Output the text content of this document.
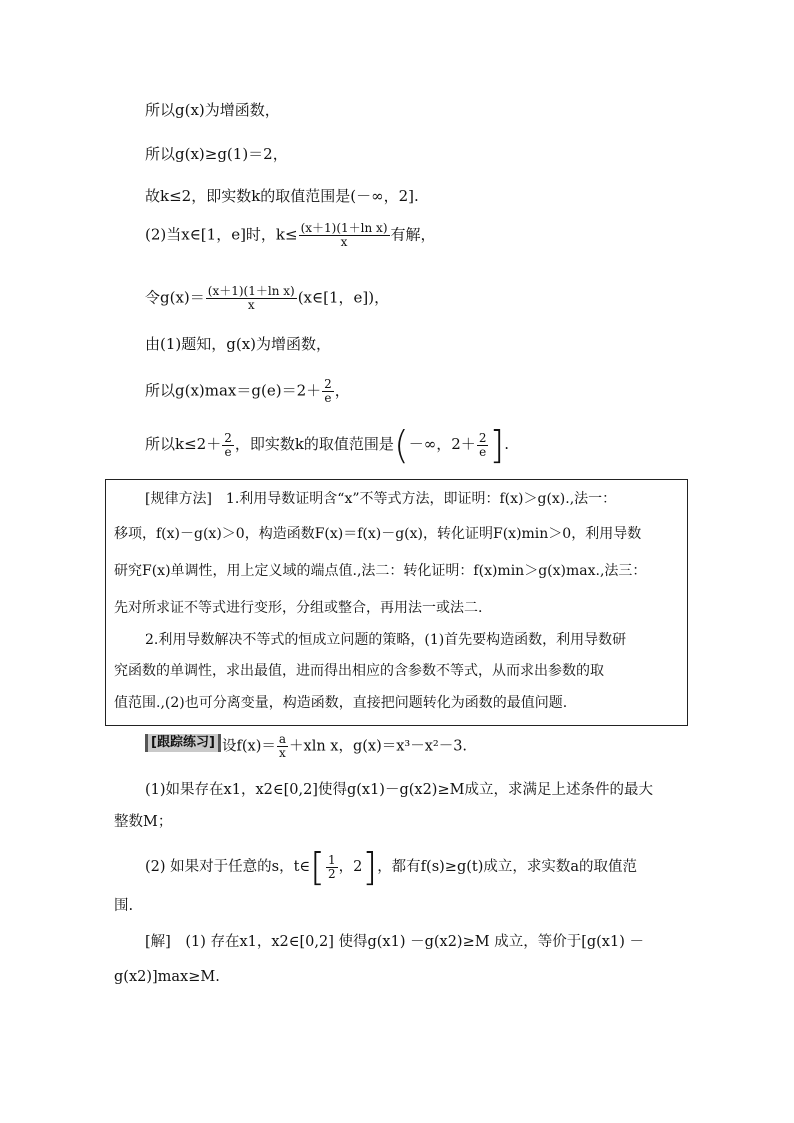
所以g(x)为增函数，
所以g(x)≥g(1)＝2，
故k≤2，即实数k的取值范围是(－∞，2].
(2)当x∈[1，e]时，$k\le \frac{\text{(x＋1)(1＋ln x)}}{x}$ 有解，
令$g(x)= \frac{\text{(x＋1)(1＋ln x)}}{x}$ (x∈[1，e])，
由(1)题知，g(x)为增函数，
所以$g(x)\max=g(e)=2+ \frac{2}{e}$ ，
所以$k\le 2+ \frac{2}{e}$ ，即实数k的取值范围是(－∞，$2+ \frac{2}{e}$ ].
[规律方法]　1.利用导数证明含“x”不等式方法，即证明：f(x)＞g(x).,法一：
移项，f(x)－g(x)＞0，构造函数F(x)＝f(x)－g(x)，转化证明F(x)min＞0，利用导数
研究F(x)单调性，用上定义域的端点值.,法二：转化证明：f(x)min＞g(x)max.,法三：
先对所求证不等式进行变形，分组或整合，再用法一或法二.
2.利用导数解决不等式的恒成立问题的策略，(1)首先要构造函数，利用导数研
究函数的单调性，求出最值，进而得出相应的含参数不等式，从而求出参数的取
值范围.,(2)也可分离变量，构造函数，直接把问题转化为函数的最值问题.
[跟踪练习] 设$f(x)= \frac{a}{x} +xln$ x，g(x)＝x³－x²－3.
(1)如果存在x1，x2∈[0,2]使得g(x1)－g(x2)≥M成立，求满足上述条件的最大
整数M；
(2) 如果对于任意的s，t∈[ $\frac{1}{2}$ ，2]，都有f(s)≥g(t)成立，求实数a的取值范
围.
[解]　(1) 存在x1，x2∈[0,2] 使得g(x1) －g(x2)≥M 成立，等价于[g(x1) －
g(x2)]max≥M.
